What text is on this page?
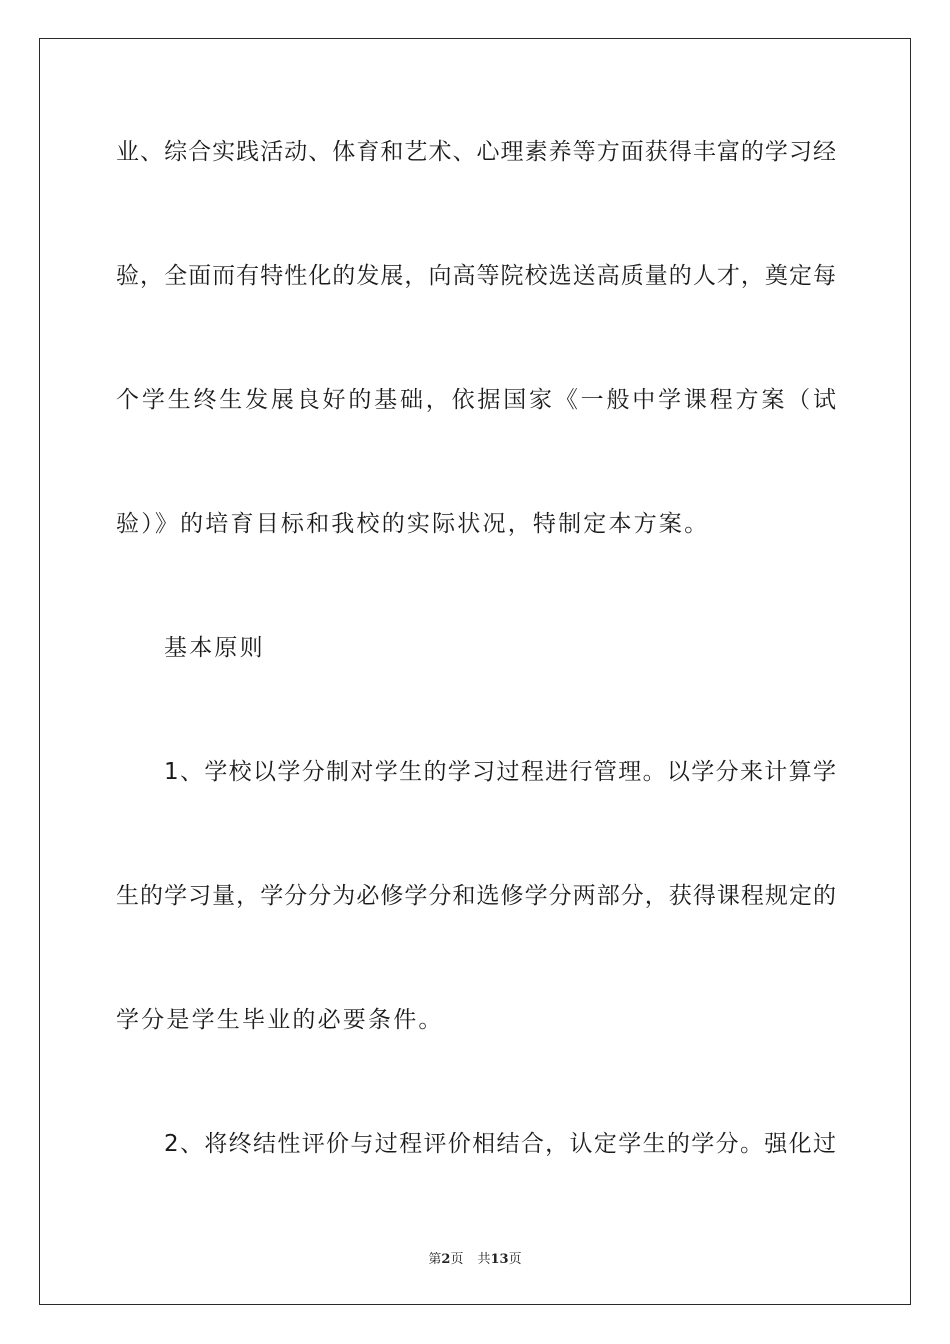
业、综合实践活动、体育和艺术、心理素养等方面获得丰富的学习经
验，全面而有特性化的发展，向高等院校选送高质量的人才，奠定每
个学生终生发展良好的基础，依据国家《一般中学课程方案（试
验）》的培育目标和我校的实际状况，特制定本方案。
基本原则
1、学校以学分制对学生的学习过程进行管理。以学分来计算学
生的学习量，学分分为必修学分和选修学分两部分，获得课程规定的
学分是学生毕业的必要条件。
2、将终结性评价与过程评价相结合，认定学生的学分。强化过
第2页 共13页
